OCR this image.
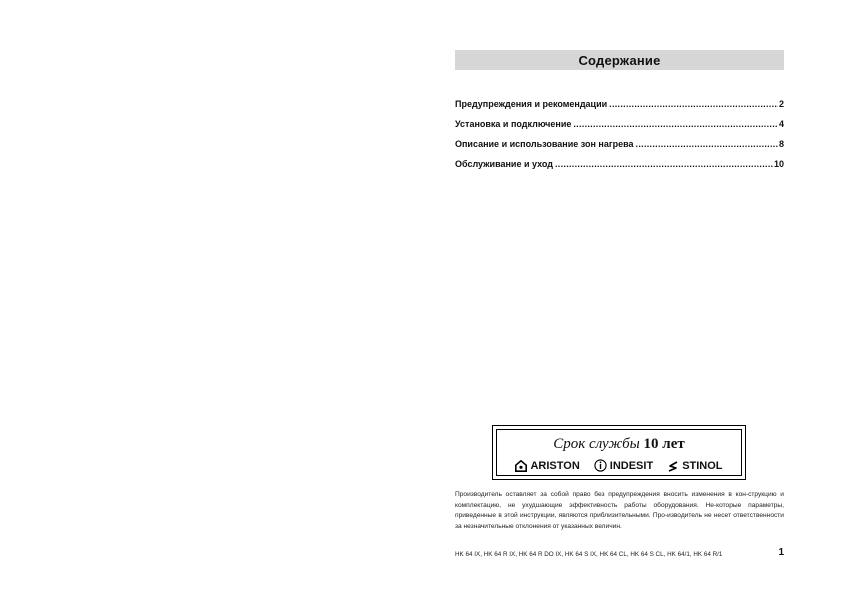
Содержание
Предупреждения и рекомендации .....	2
Установка и подключение .....	4
Описание и использование зон нагрева .....	8
Обслуживание и уход .....	10
Срок службы 10 лет
ARISTON	INDESIT	STINOL
Производитель оставляет за собой право без предупреждения вносить изменения в кон-струкцию и комплектацию, не ухудшающие эффективность работы оборудования. Не-которые параметры, приведенные в этой инструкции, являются приблизительными. Про-изводитель не несет ответственности за незначительные отклонения от указанных величин.
HK 64 IX, HK 64 R IX, HK 64 R DO IX, HK 64 S IX, HK 64 CL, HK 64 S CL, HK 64/1, HK 64 R/1	1
